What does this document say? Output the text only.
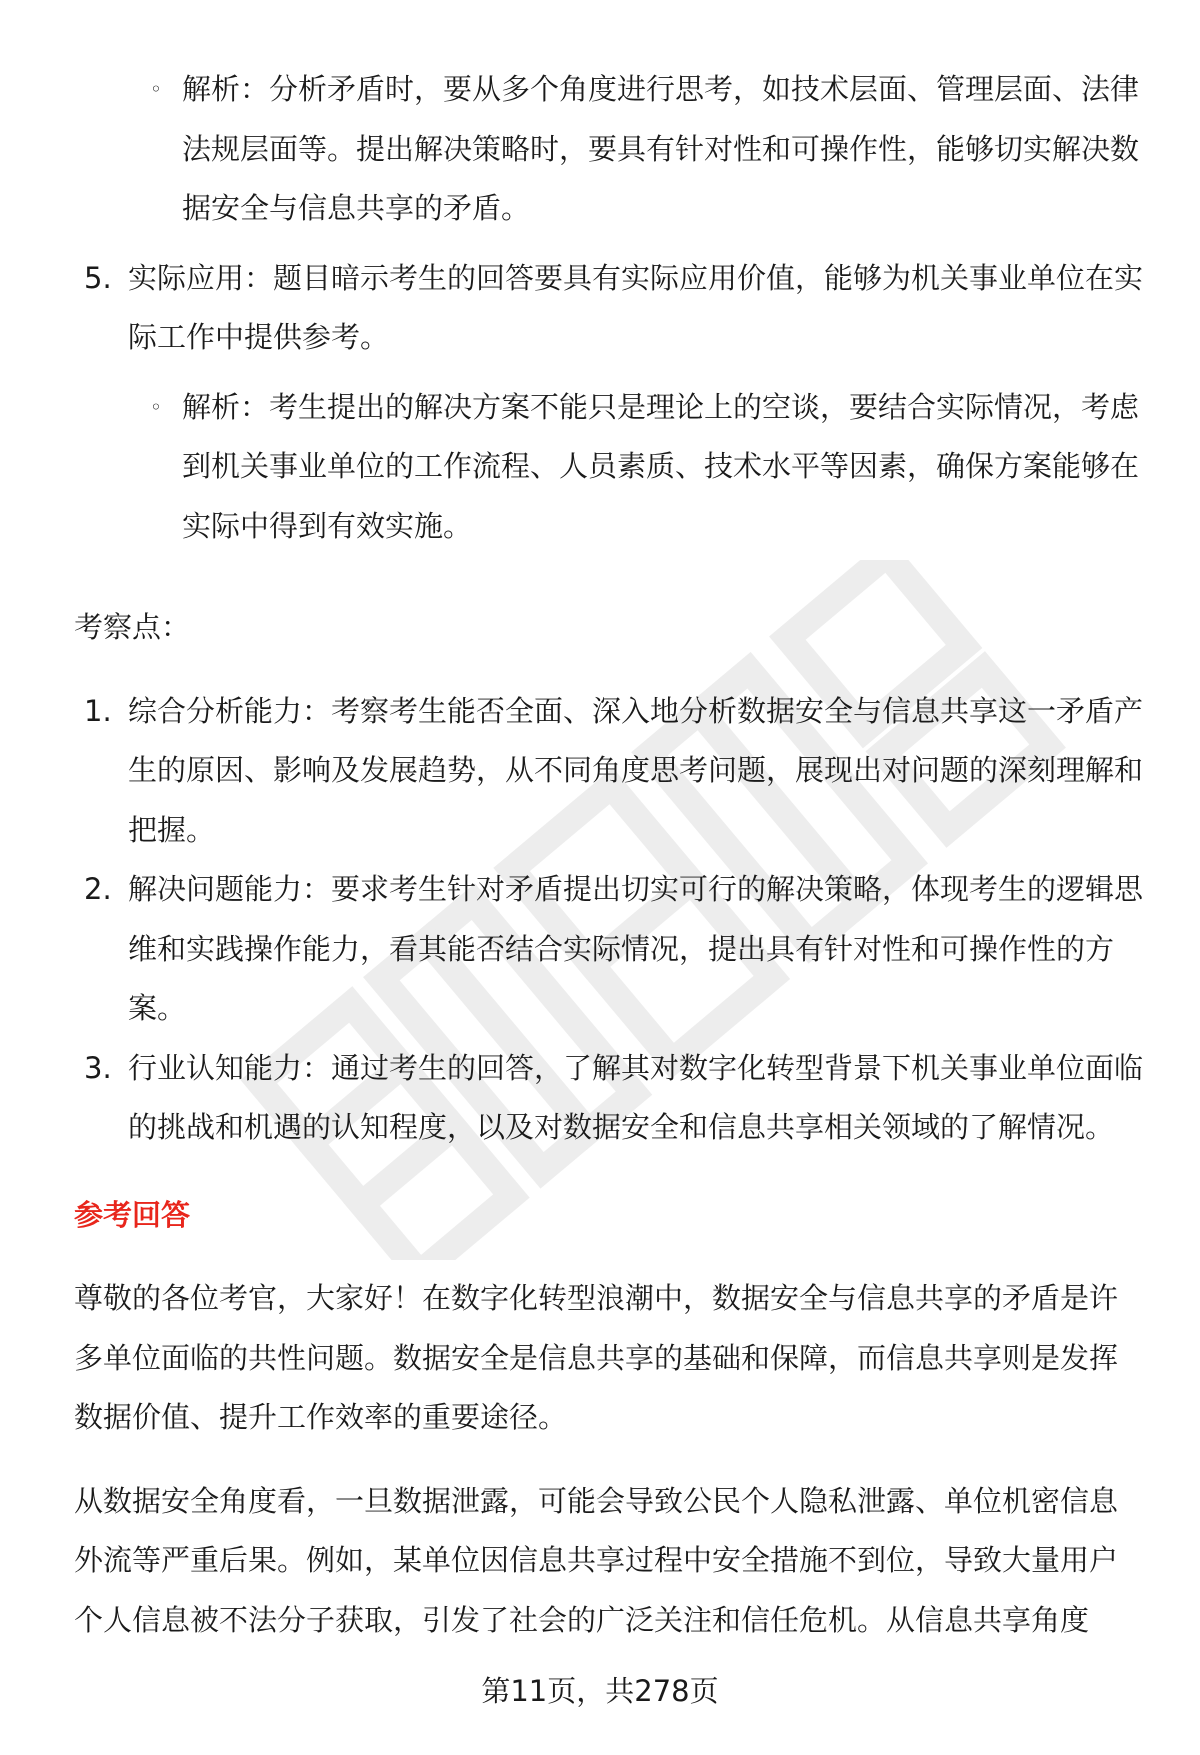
◦ 解析：分析矛盾时，要从多个角度进行思考，如技术层面、管理层面、法律法规层面等。提出解决策略时，要具有针对性和可操作性，能够切实解决数据安全与信息共享的矛盾。
5. 实际应用：题目暗示考生的回答要具有实际应用价值，能够为机关事业单位在实际工作中提供参考。
◦ 解析：考生提出的解决方案不能只是理论上的空谈，要结合实际情况，考虑到机关事业单位的工作流程、人员素质、技术水平等因素，确保方案能够在实际中得到有效实施。
考察点：
1. 综合分析能力：考察考生能否全面、深入地分析数据安全与信息共享这一矛盾产生的原因、影响及发展趋势，从不同角度思考问题，展现出对问题的深刻理解和把握。
2. 解决问题能力：要求考生针对矛盾提出切实可行的解决策略，体现考生的逻辑思维和实践操作能力，看其能否结合实际情况，提出具有针对性和可操作性的方案。
3. 行业认知能力：通过考生的回答，了解其对数字化转型背景下机关事业单位面临的挑战和机遇的认知程度，以及对数据安全和信息共享相关领域的了解情况。
参考回答
尊敬的各位考官，大家好！在数字化转型浪潮中，数据安全与信息共享的矛盾是许多单位面临的共性问题。数据安全是信息共享的基础和保障，而信息共享则是发挥数据价值、提升工作效率的重要途径。
从数据安全角度看，一旦数据泄露，可能会导致公民个人隐私泄露、单位机密信息外流等严重后果。例如，某单位因信息共享过程中安全措施不到位，导致大量用户个人信息被不法分子获取，引发了社会的广泛关注和信任危机。从信息共享角度
第11页，共278页
